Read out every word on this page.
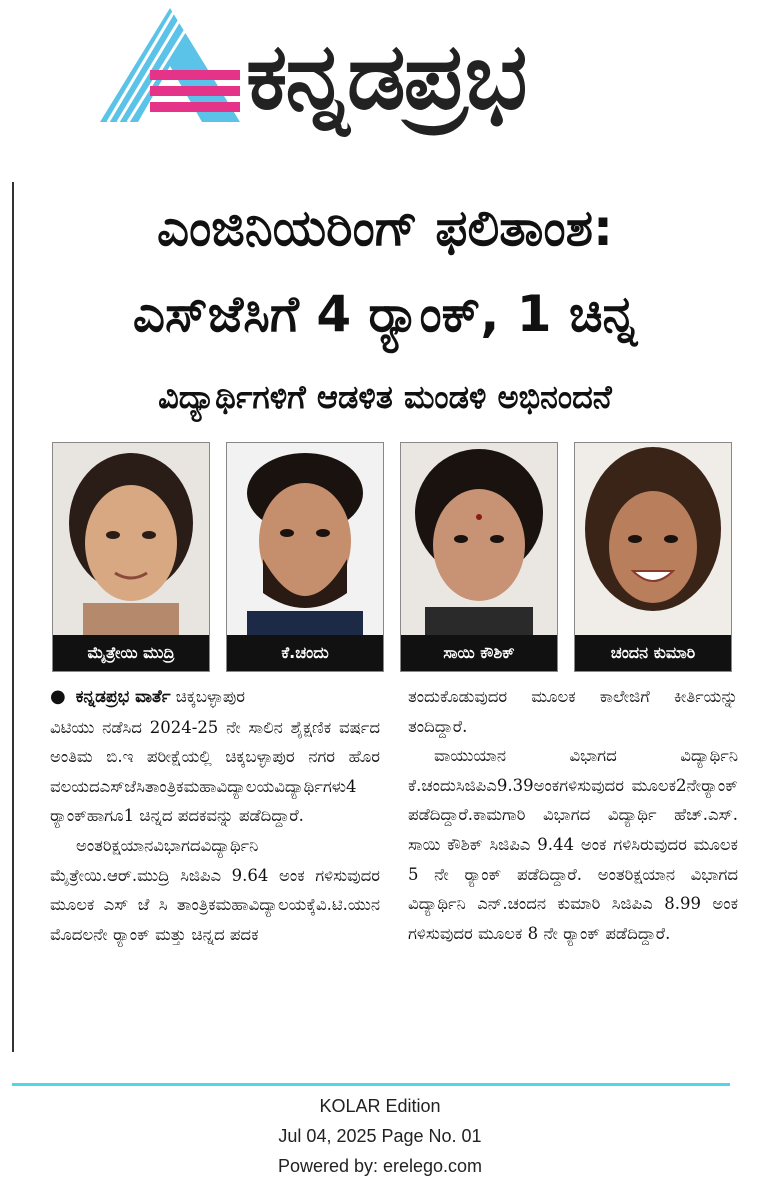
ಕನ್ನಡಪ್ರಭ
ಎಂಜಿನಿಯರಿಂಗ್ ಫಲಿತಾಂಶ:
ಎಸ್‌ಜೆಸಿಗೆ 4 ರ್‍ಯಾಂಕ್, 1 ಚಿನ್ನ
ವಿದ್ಯಾರ್ಥಿಗಳಿಗೆ ಆಡಳಿತ ಮಂಡಳಿ ಅಭಿನಂದನೆ
ಮೈತ್ರೇಯಿ ಮುದ್ರಿ	ಕೆ.ಚಂದು	ಸಾಯಿ ಕೌಶಿಕ್	ಚಂದನ ಕುಮಾರಿ
● ಕನ್ನಡಪ್ರಭ ವಾರ್ತೆ ಚಿಕ್ಕಬಳ್ಳಾಪುರ

ವಿಟಿಯು ನಡೆಸಿದ 2024-25 ನೇ ಸಾಲಿನ ಶೈಕ್ಷಣಿಕ ವರ್ಷದ ಅಂತಿಮ ಬಿ.ಇ ಪರೀಕ್ಷೆಯಲ್ಲಿ ಚಿಕ್ಕಬಳ್ಳಾಪುರ ನಗರ ಹೊರ ವಲಯದಎಸ್‌ಜೆಸಿತಾಂತ್ರಿಕಮಹಾವಿದ್ಯಾಲಯವಿದ್ಯಾರ್ಥಿಗಳು4 ರ್‍ಯಾಂಕ್‌ಹಾಗೂ1 ಚಿನ್ನದ ಪದಕವನ್ನು ಪಡೆದಿದ್ದಾರೆ.

ಅಂತರಿಕ್ಷಯಾನವಿಭಾಗದವಿದ್ಯಾರ್ಥಿನಿ ಮೈತ್ರೇಯಿ.ಆರ್.ಮುದ್ರಿ ಸಿಜಿಪಿಎ 9.64 ಅಂಕ ಗಳಿಸುವುದರ ಮೂಲಕ ಎಸ್ ಜೆ ಸಿ ತಾಂತ್ರಿಕಮಹಾವಿದ್ಯಾಲಯಕ್ಕೆವಿ.ಟಿ.ಯುನ ಮೊದಲನೇ ರ್‍ಯಾಂಕ್ ಮತ್ತು ಚಿನ್ನದ ಪದಕ

ತಂದುಕೊಡುವುದರ ಮೂಲಕ ಕಾಲೇಜಿಗೆ ಕೀರ್ತಿಯನ್ನು ತಂದಿದ್ದಾರೆ.

ವಾಯುಯಾನ ವಿಭಾಗದ ವಿದ್ಯಾರ್ಥಿನಿ ಕೆ.ಚಂದುಸಿಜಿಪಿಎ9.39ಅಂಕಗಳಿಸುವುದರ ಮೂಲಕ2ನೇರ್‍ಯಾಂಕ್ ಪಡೆದಿದ್ದಾರೆ.ಕಾಮಗಾರಿ ವಿಭಾಗದ ವಿದ್ಯಾರ್ಥಿ ಹೆಚ್.ಎಸ್. ಸಾಯಿ ಕೌಶಿಕ್ ಸಿಜಿಪಿಎ 9.44 ಅಂಕ ಗಳಿಸಿರುವುದರ ಮೂಲಕ 5 ನೇ ರ್‍ಯಾಂಕ್ ಪಡೆದಿದ್ದಾರೆ. ಅಂತರಿಕ್ಷಯಾನ ವಿಭಾಗದ ವಿದ್ಯಾರ್ಥಿನಿ ಎನ್.ಚಂದನ ಕುಮಾರಿ ಸಿಜಿಪಿಎ 8.99 ಅಂಕ ಗಳಿಸುವುದರ ಮೂಲಕ 8 ನೇ ರ್‍ಯಾಂಕ್ ಪಡೆದಿದ್ದಾರೆ.

KOLAR Edition
Jul 04, 2025 Page No. 01
Powered by: erelego.com
